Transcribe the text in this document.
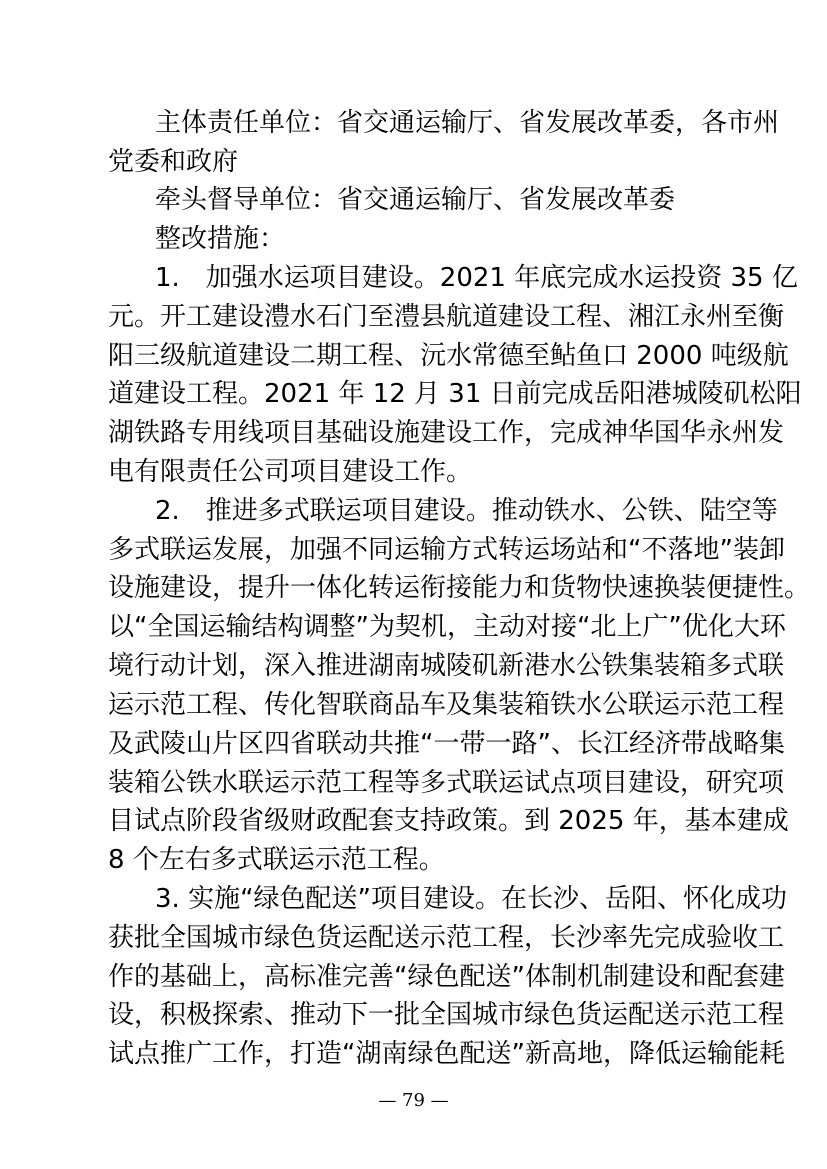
主体责任单位：省交通运输厅、省发展改革委，各市州
党委和政府
牵头督导单位：省交通运输厅、省发展改革委
整改措施：
1.　加强水运项目建设。2021 年底完成水运投资 35 亿
元。开工建设澧水石门至澧县航道建设工程、湘江永州至衡
阳三级航道建设二期工程、沅水常德至鲇鱼口 2000 吨级航
道建设工程。2021 年 12 月 31 日前完成岳阳港城陵矶松阳
湖铁路专用线项目基础设施建设工作，完成神华国华永州发
电有限责任公司项目建设工作。
2.　推进多式联运项目建设。推动铁水、公铁、陆空等
多式联运发展，加强不同运输方式转运场站和“不落地”装卸
设施建设，提升一体化转运衔接能力和货物快速换装便捷性。
以“全国运输结构调整”为契机，主动对接“北上广”优化大环
境行动计划，深入推进湖南城陵矶新港水公铁集装箱多式联
运示范工程、传化智联商品车及集装箱铁水公联运示范工程
及武陵山片区四省联动共推“一带一路”、长江经济带战略集
装箱公铁水联运示范工程等多式联运试点项目建设，研究项
目试点阶段省级财政配套支持政策。到 2025 年，基本建成
8 个左右多式联运示范工程。
3. 实施“绿色配送”项目建设。在长沙、岳阳、怀化成功
获批全国城市绿色货运配送示范工程，长沙率先完成验收工
作的基础上，高标准完善“绿色配送”体制机制建设和配套建
设，积极探索、推动下一批全国城市绿色货运配送示范工程
试点推广工作，打造“湖南绿色配送”新高地，降低运输能耗
— 79 —
